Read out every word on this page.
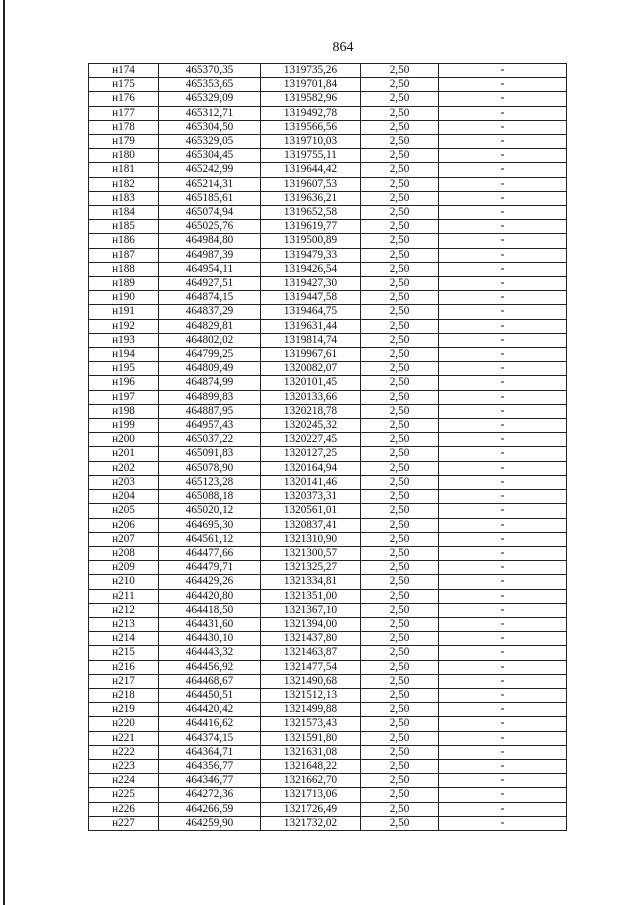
864
н174	465370,35	1319735,26	2,50	-
н175	465353,65	1319701,84	2,50	-
н176	465329,09	1319582,96	2,50	-
н177	465312,71	1319492,78	2,50	-
н178	465304,50	1319566,56	2,50	-
н179	465329,05	1319710,03	2,50	-
н180	465304,45	1319755,11	2,50	-
н181	465242,99	1319644,42	2,50	-
н182	465214,31	1319607,53	2,50	-
н183	465185,61	1319636,21	2,50	-
н184	465074,94	1319652,58	2,50	-
н185	465025,76	1319619,77	2,50	-
н186	464984,80	1319500,89	2,50	-
н187	464987,39	1319479,33	2,50	-
н188	464954,11	1319426,54	2,50	-
н189	464927,51	1319427,30	2,50	-
н190	464874,15	1319447,58	2,50	-
н191	464837,29	1319464,75	2,50	-
н192	464829,81	1319631,44	2,50	-
н193	464802,02	1319814,74	2,50	-
н194	464799,25	1319967,61	2,50	-
н195	464809,49	1320082,07	2,50	-
н196	464874,99	1320101,45	2,50	-
н197	464899,83	1320133,66	2,50	-
н198	464887,95	1320218,78	2,50	-
н199	464957,43	1320245,32	2,50	-
н200	465037,22	1320227,45	2,50	-
н201	465091,83	1320127,25	2,50	-
н202	465078,90	1320164,94	2,50	-
н203	465123,28	1320141,46	2,50	-
н204	465088,18	1320373,31	2,50	-
н205	465020,12	1320561,01	2,50	-
н206	464695,30	1320837,41	2,50	-
н207	464561,12	1321310,90	2,50	-
н208	464477,66	1321300,57	2,50	-
н209	464479,71	1321325,27	2,50	-
н210	464429,26	1321334,81	2,50	-
н211	464420,80	1321351,00	2,50	-
н212	464418,50	1321367,10	2,50	-
н213	464431,60	1321394,00	2,50	-
н214	464430,10	1321437,80	2,50	-
н215	464443,32	1321463,87	2,50	-
н216	464456,92	1321477,54	2,50	-
н217	464468,67	1321490,68	2,50	-
н218	464450,51	1321512,13	2,50	-
н219	464420,42	1321499,88	2,50	-
н220	464416,62	1321573,43	2,50	-
н221	464374,15	1321591,80	2,50	-
н222	464364,71	1321631,08	2,50	-
н223	464356,77	1321648,22	2,50	-
н224	464346,77	1321662,70	2,50	-
н225	464272,36	1321713,06	2,50	-
н226	464266,59	1321726,49	2,50	-
н227	464259,90	1321732,02	2,50	-
